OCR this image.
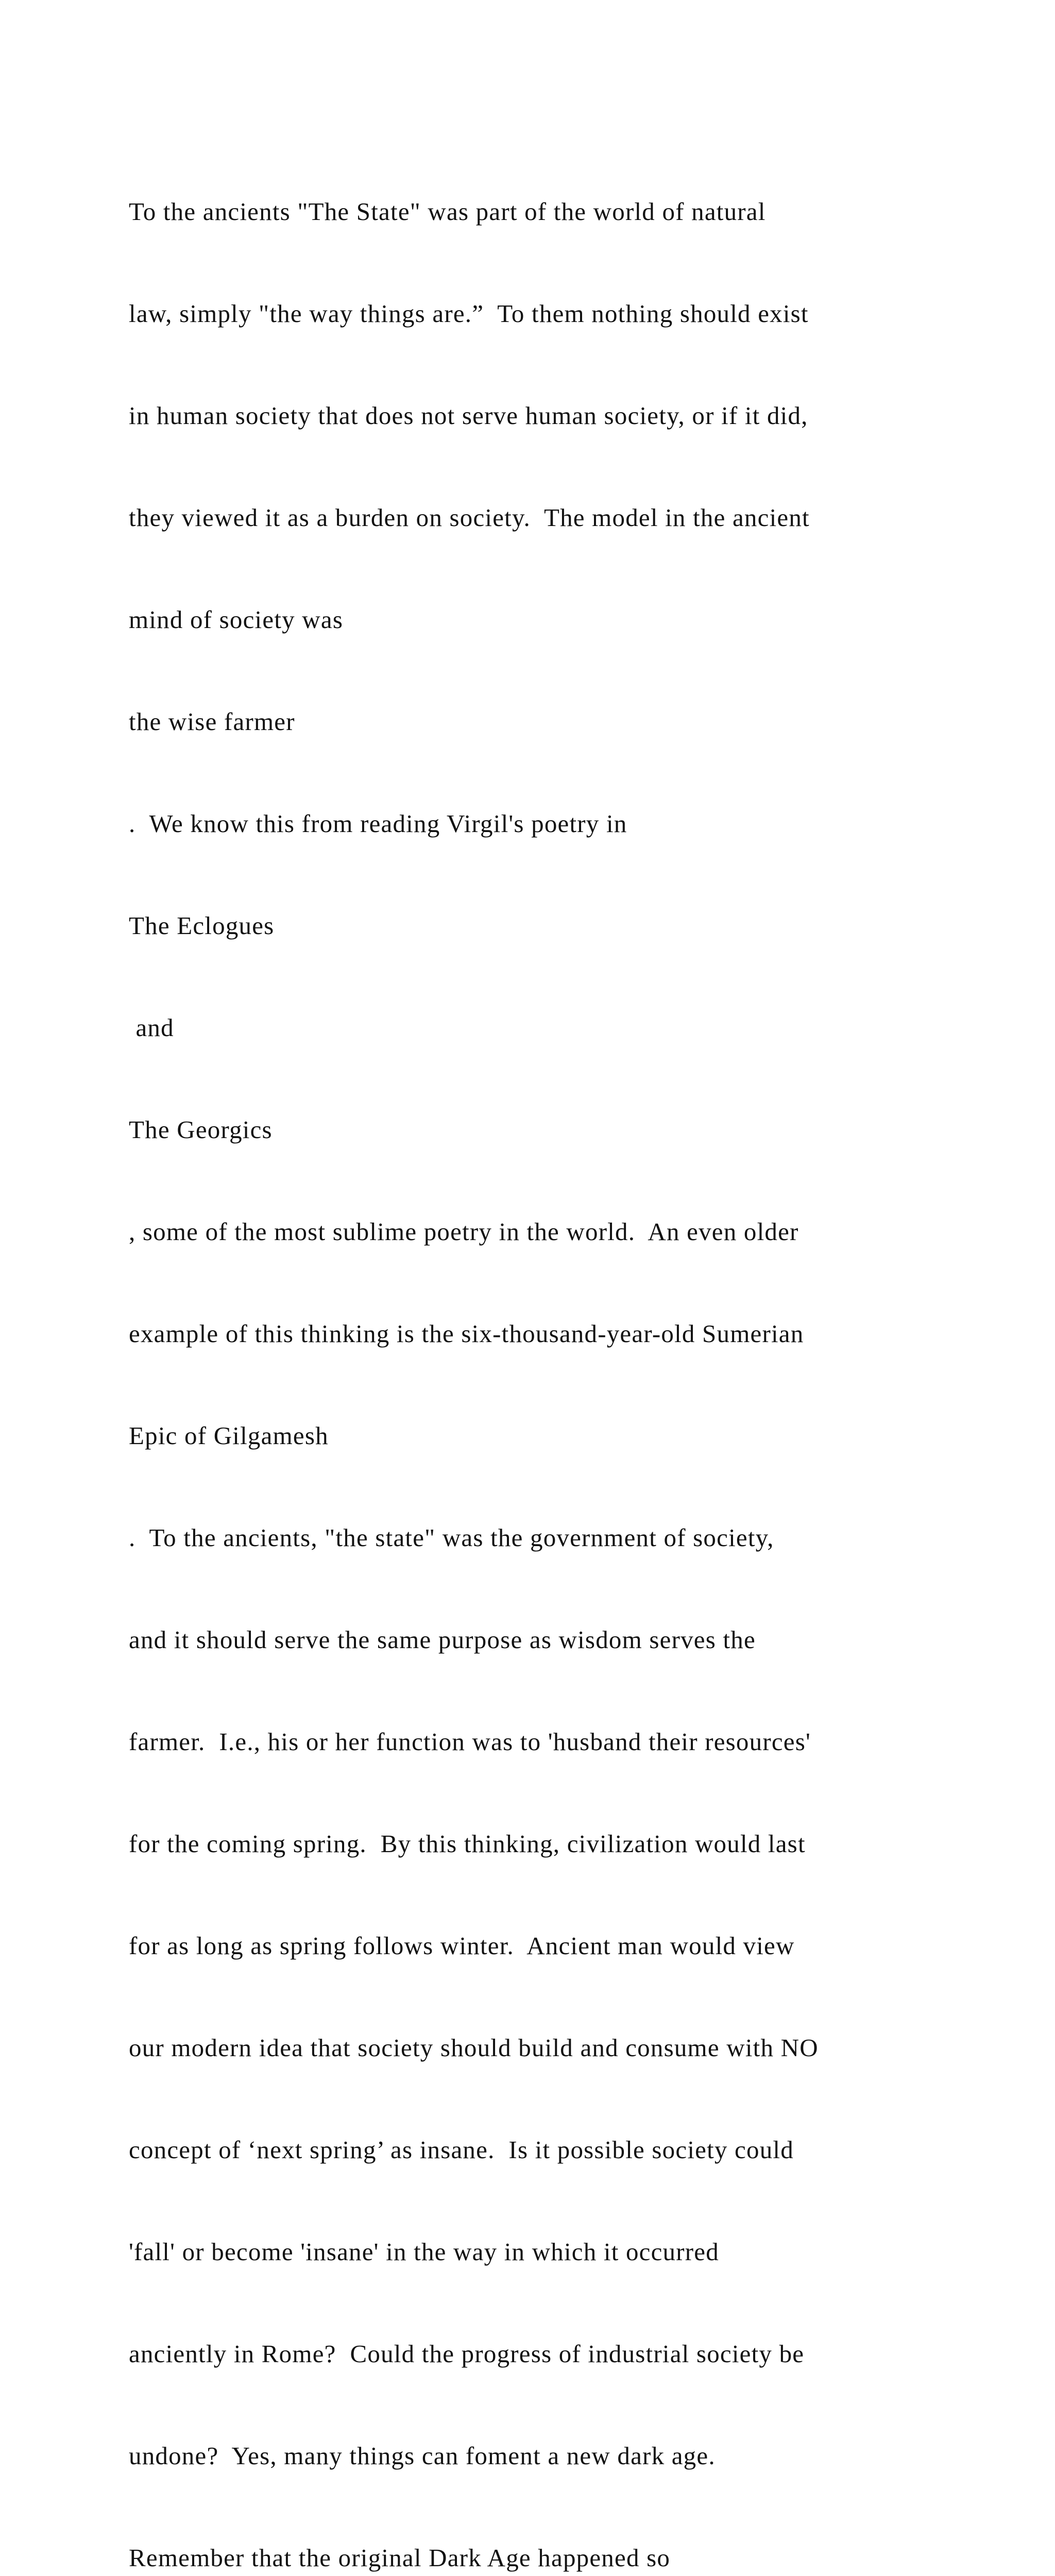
To the ancients "The State" was part of the world of natural

law, simply "the way things are.”  To them nothing should exist

in human society that does not serve human society, or if it did,

they viewed it as a burden on society.  The model in the ancient

mind of society was

the wise farmer

.  We know this from reading Virgil's poetry in

The Eclogues

and

The Georgics

, some of the most sublime poetry in the world.  An even older

example of this thinking is the six-thousand-year-old Sumerian

Epic of Gilgamesh

.  To the ancients, "the state" was the government of society,

and it should serve the same purpose as wisdom serves the

farmer.  I.e., his or her function was to 'husband their resources'

for the coming spring.  By this thinking, civilization would last

for as long as spring follows winter.  Ancient man would view

our modern idea that society should build and consume with NO

concept of ‘next spring’ as insane.  Is it possible society could

'fall' or become 'insane' in the way in which it occurred

anciently in Rome?  Could the progress of industrial society be

undone?  Yes, many things can foment a new dark age.

Remember that the original Dark Age happened so
